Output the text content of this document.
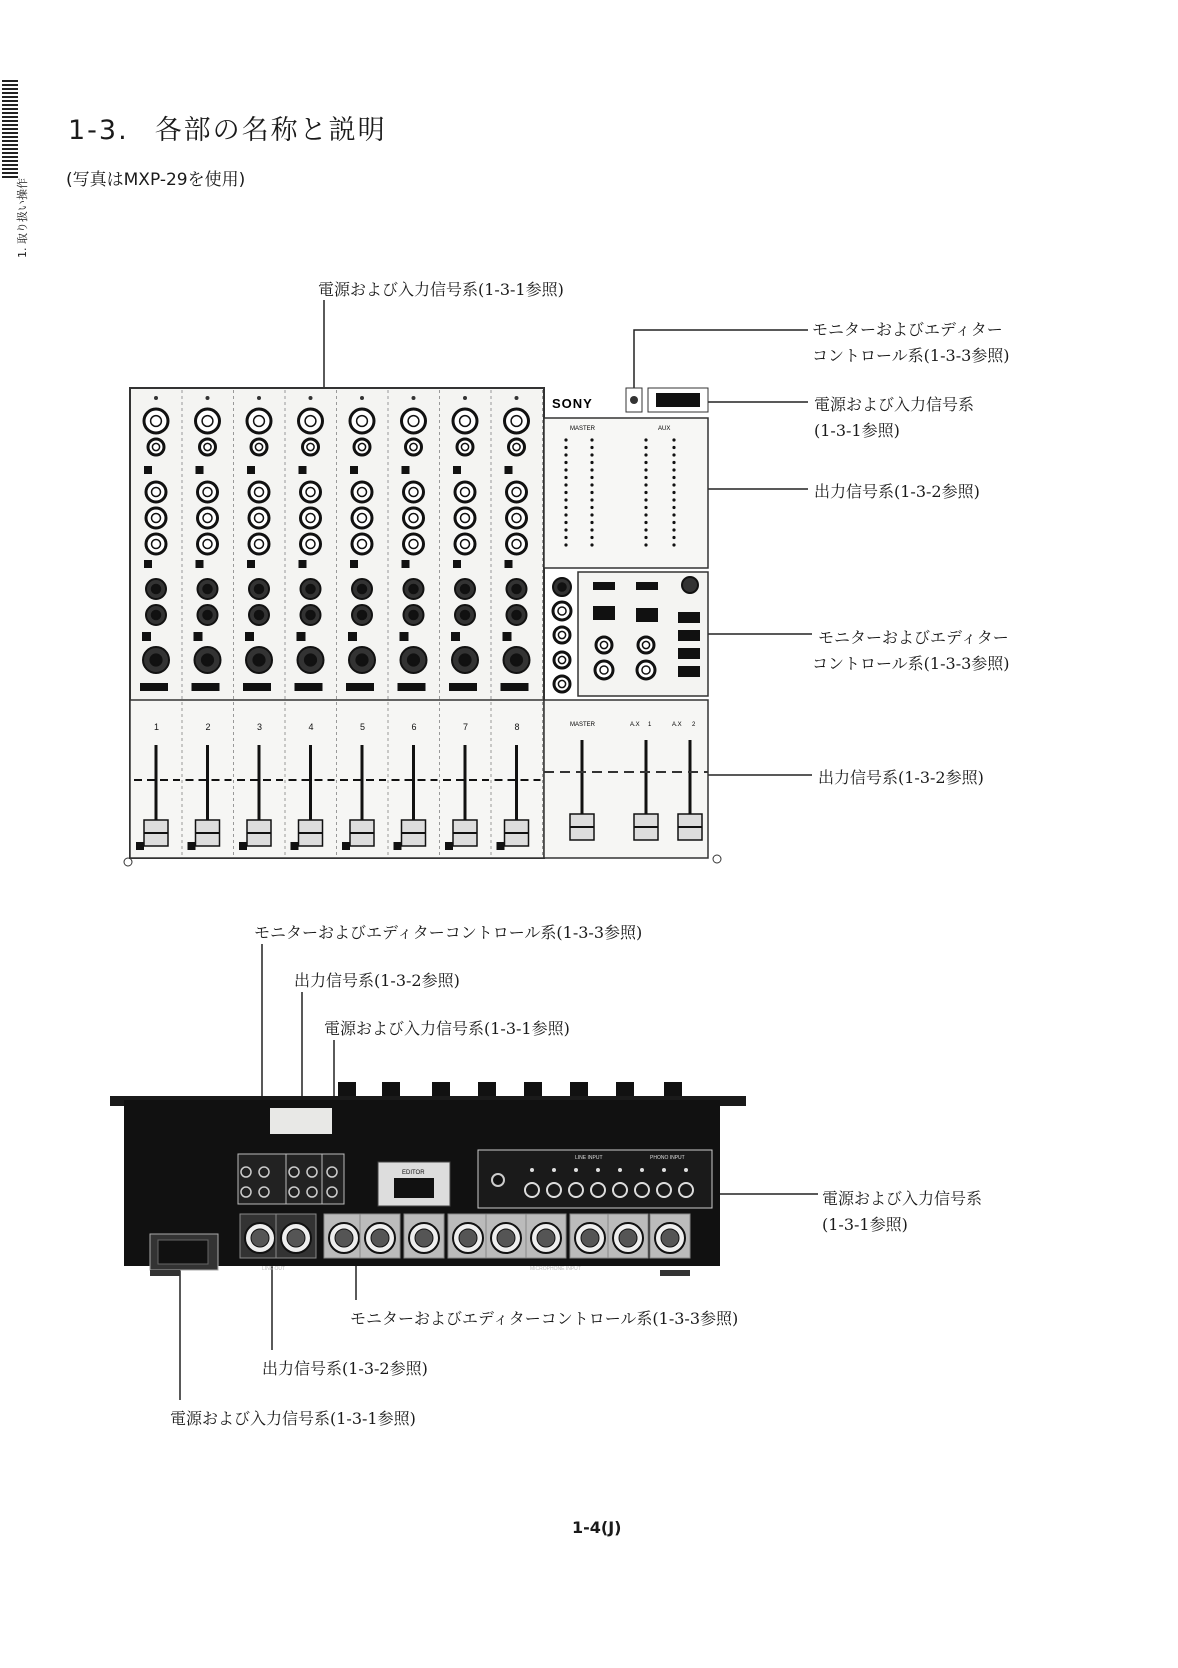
1. 取り扱い操作
1-3. 各部の名称と説明
(写真はMXP-29を使用)
電源および入力信号系(1-3-1参照)
モニターおよびエディター
コントロール系(1-3-3参照)
電源および入力信号系
(1-3-1参照)
出力信号系(1-3-2参照)
モニターおよびエディター
コントロール系(1-3-3参照)
出力信号系(1-3-2参照)
1	2	3	4	5	6	7	8
SONY
MASTER	AUX
MASTER	A.X 1	A.X 2
モニターおよびエディターコントロール系(1-3-3参照)
出力信号系(1-3-2参照)
電源および入力信号系(1-3-1参照)
電源および入力信号系
(1-3-1参照)
モニターおよびエディターコントロール系(1-3-3参照)
出力信号系(1-3-2参照)
電源および入力信号系(1-3-1参照)
EDITOR
LINE INPUT	PHONO INPUT
LINE OUT	MICROPHONE INPUT
1-4(J)
